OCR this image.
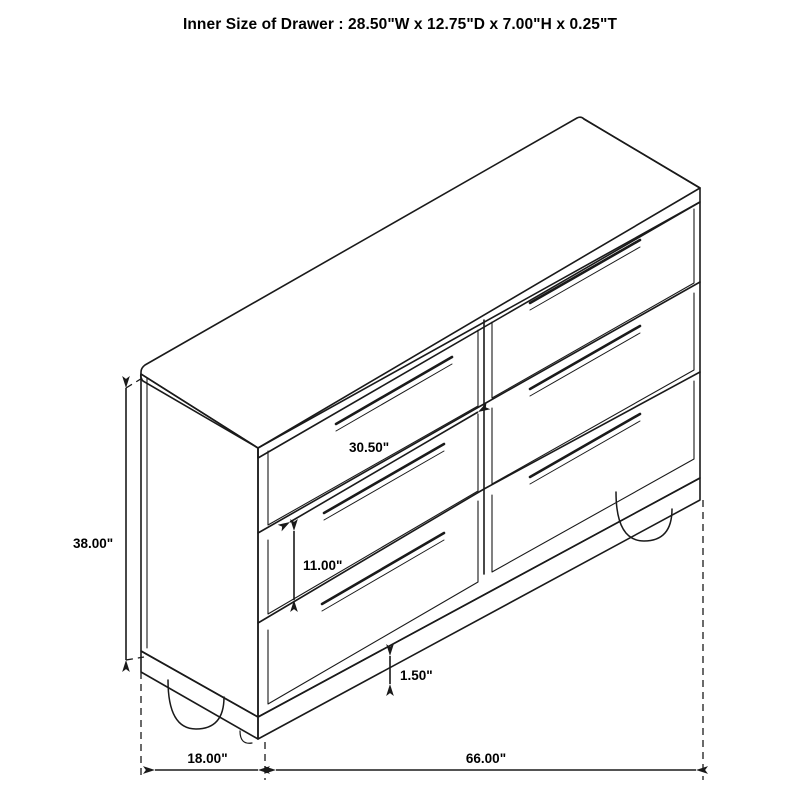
Inner Size of Drawer : 28.50"W x 12.75"D x 7.00"H x 0.25"T
38.00"
30.50"
11.00"
1.50"
18.00"	66.00"
